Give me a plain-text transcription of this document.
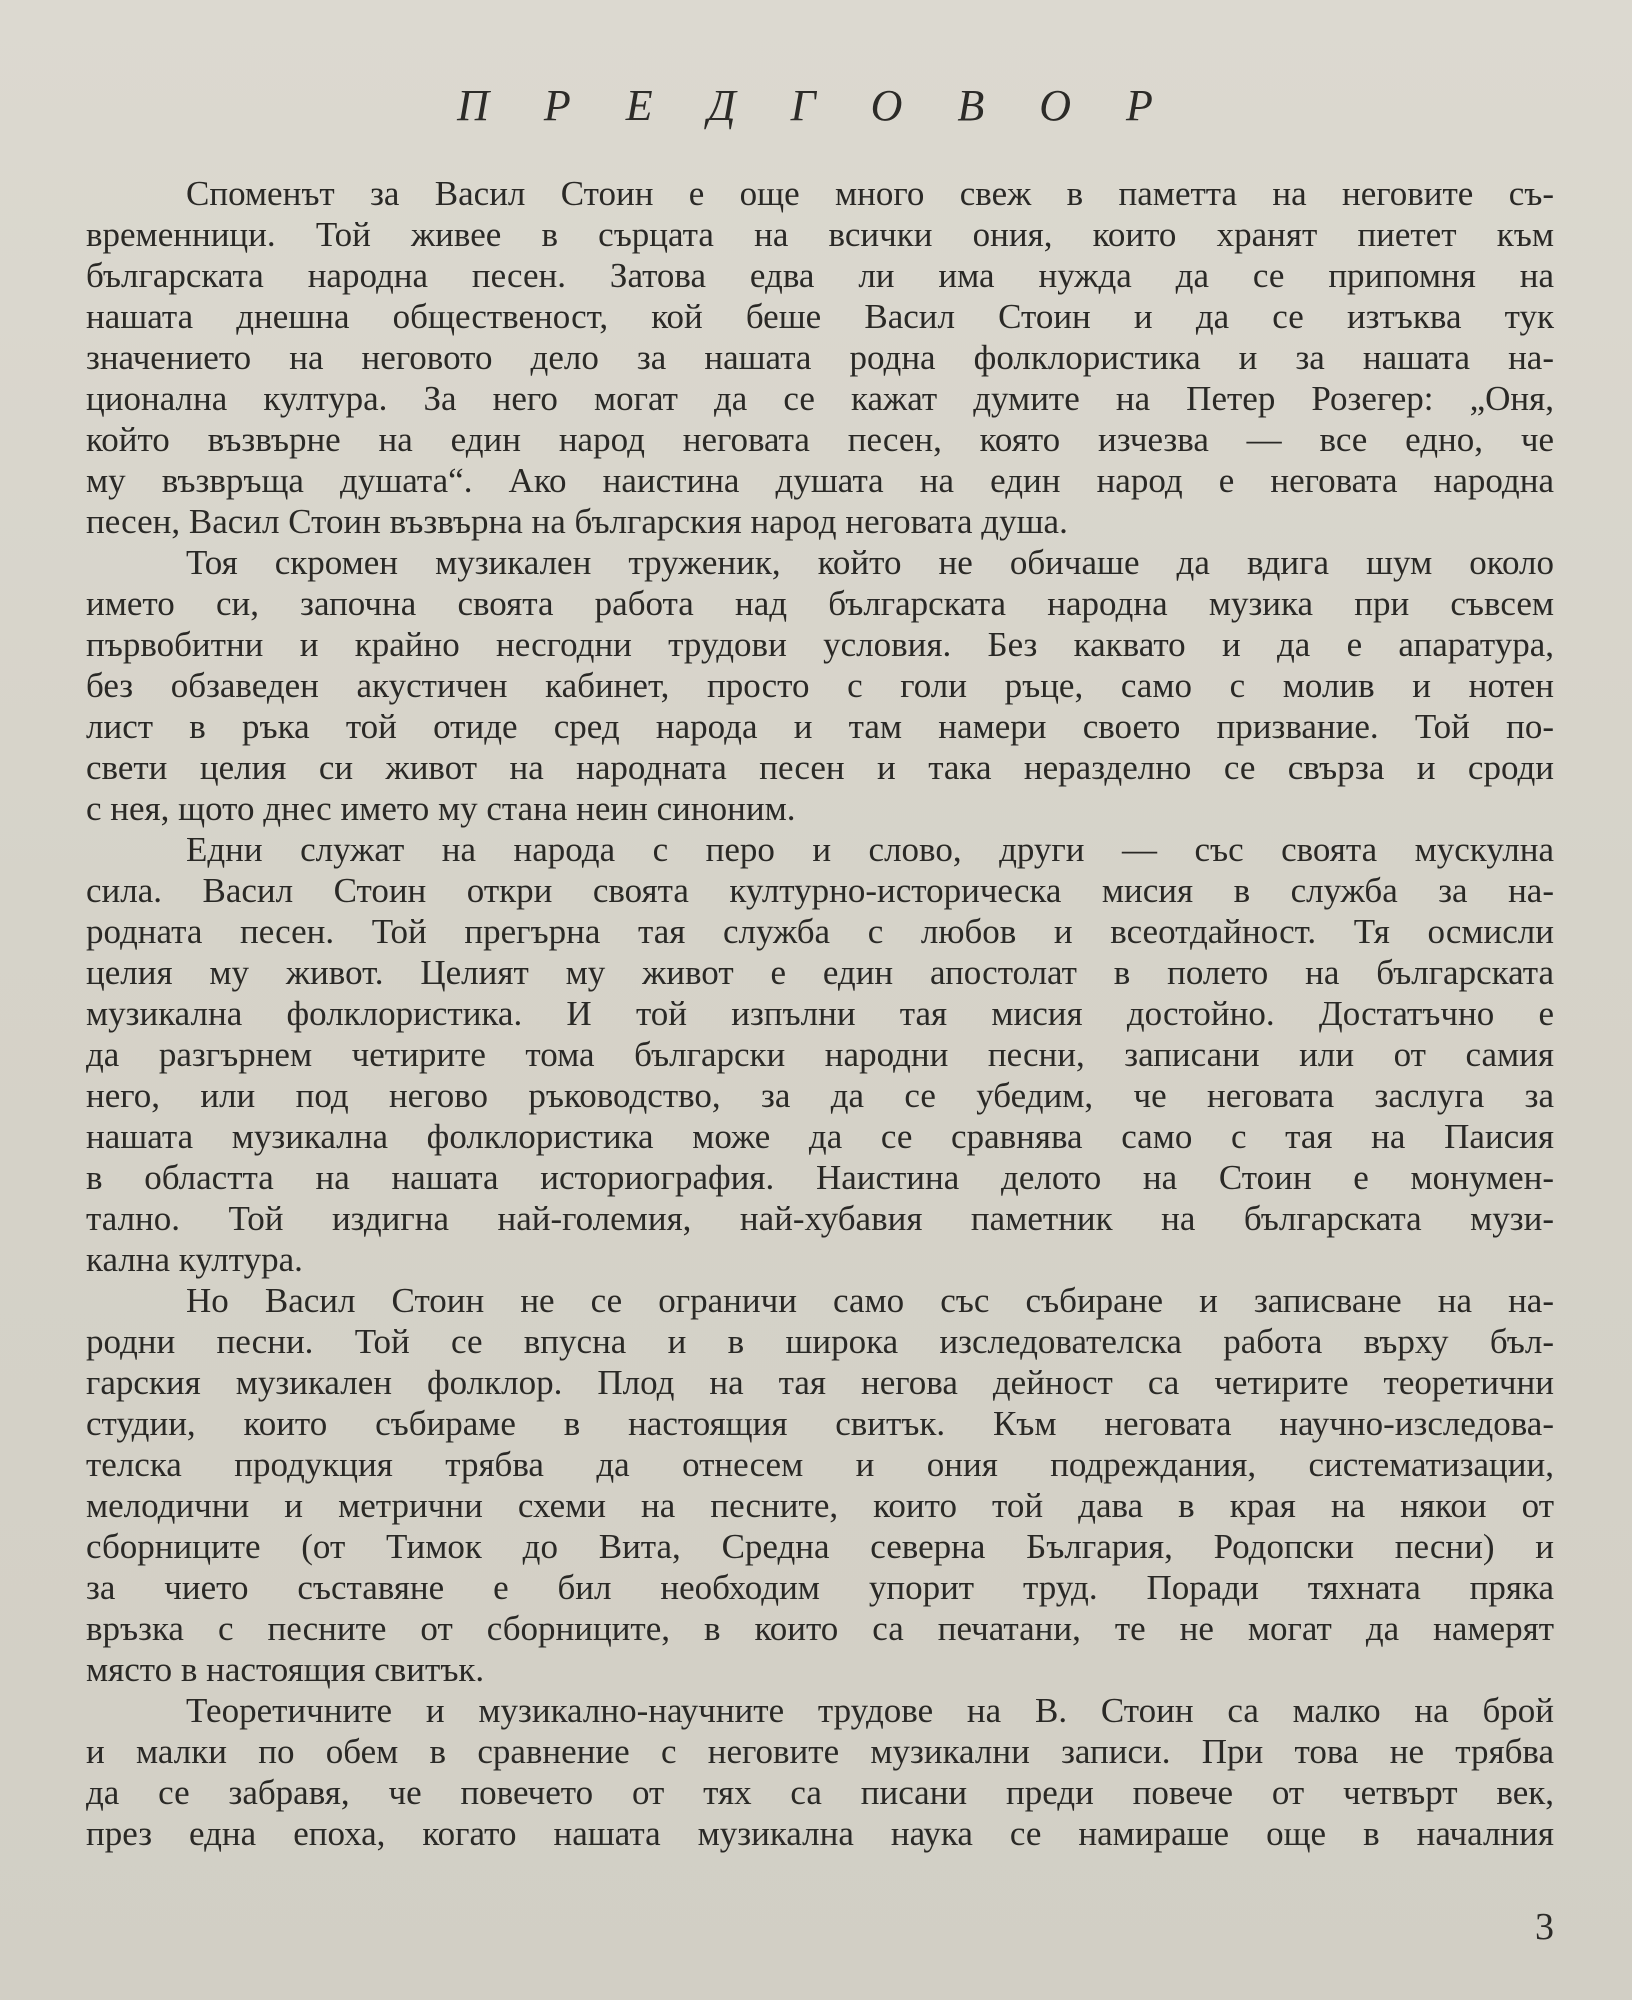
П Р Е Д Г О В О Р
Споменът за Васил Стоин е още много свеж в паметта на неговите съ-
временници. Той живее в сърцата на всички ония, които хранят пиетет към
българската народна песен. Затова едва ли има нужда да се припомня на
нашата днешна общественост, кой беше Васил Стоин и да се изтъква тук
значението на неговото дело за нашата родна фолклористика и за нашата на-
ционална култура. За него могат да се кажат думите на Петер Розегер: „Оня,
който възвърне на един народ неговата песен, която изчезва — все едно, че
му възвръща душата“. Ако наистина душата на един народ е неговата народна
песен, Васил Стоин възвърна на българския народ неговата душа.
Тоя скромен музикален труженик, който не обичаше да вдига шум около
името си, започна своята работа над българската народна музика при съвсем
първобитни и крайно несгодни трудови условия. Без каквато и да е апаратура,
без обзаведен акустичен кабинет, просто с голи ръце, само с молив и нотен
лист в ръка той отиде сред народа и там намери своето призвание. Той по-
свети целия си живот на народната песен и така неразделно се свърза и сроди
с нея, щото днес името му стана неин синоним.
Едни служат на народа с перо и слово, други — със своята мускулна
сила. Васил Стоин откри своята културно-историческа мисия в служба за на-
родната песен. Той прегърна тая служба с любов и всеотдайност. Тя осмисли
целия му живот. Целият му живот е един апостолат в полето на българската
музикална фолклористика. И той изпълни тая мисия достойно. Достатъчно е
да разгърнем четирите тома български народни песни, записани или от самия
него, или под негово ръководство, за да се убедим, че неговата заслуга за
нашата музикална фолклористика може да се сравнява само с тая на Паисия
в областта на нашата историография. Наистина делото на Стоин е монумен-
тално. Той издигна най-големия, най-хубавия паметник на българската музи-
кална култура.
Но Васил Стоин не се ограничи само със събиране и записване на на-
родни песни. Той се впусна и в широка изследователска работа върху бъл-
гарския музикален фолклор. Плод на тая негова дейност са четирите теоретични
студии, които събираме в настоящия свитък. Към неговата научно-изследова-
телска продукция трябва да отнесем и ония подреждания, систематизации,
мелодични и метрични схеми на песните, които той дава в края на някои от
сборниците (от Тимок до Вита, Средна северна България, Родопски песни) и
за чието съставяне е бил необходим упорит труд. Поради тяхната пряка
връзка с песните от сборниците, в които са печатани, те не могат да намерят
място в настоящия свитък.
Теоретичните и музикално-научните трудове на В. Стоин са малко на брой
и малки по обем в сравнение с неговите музикални записи. При това не трябва
да се забравя, че повечето от тях са писани преди повече от четвърт век,
през една епоха, когато нашата музикална наука се намираше още в началния
3
